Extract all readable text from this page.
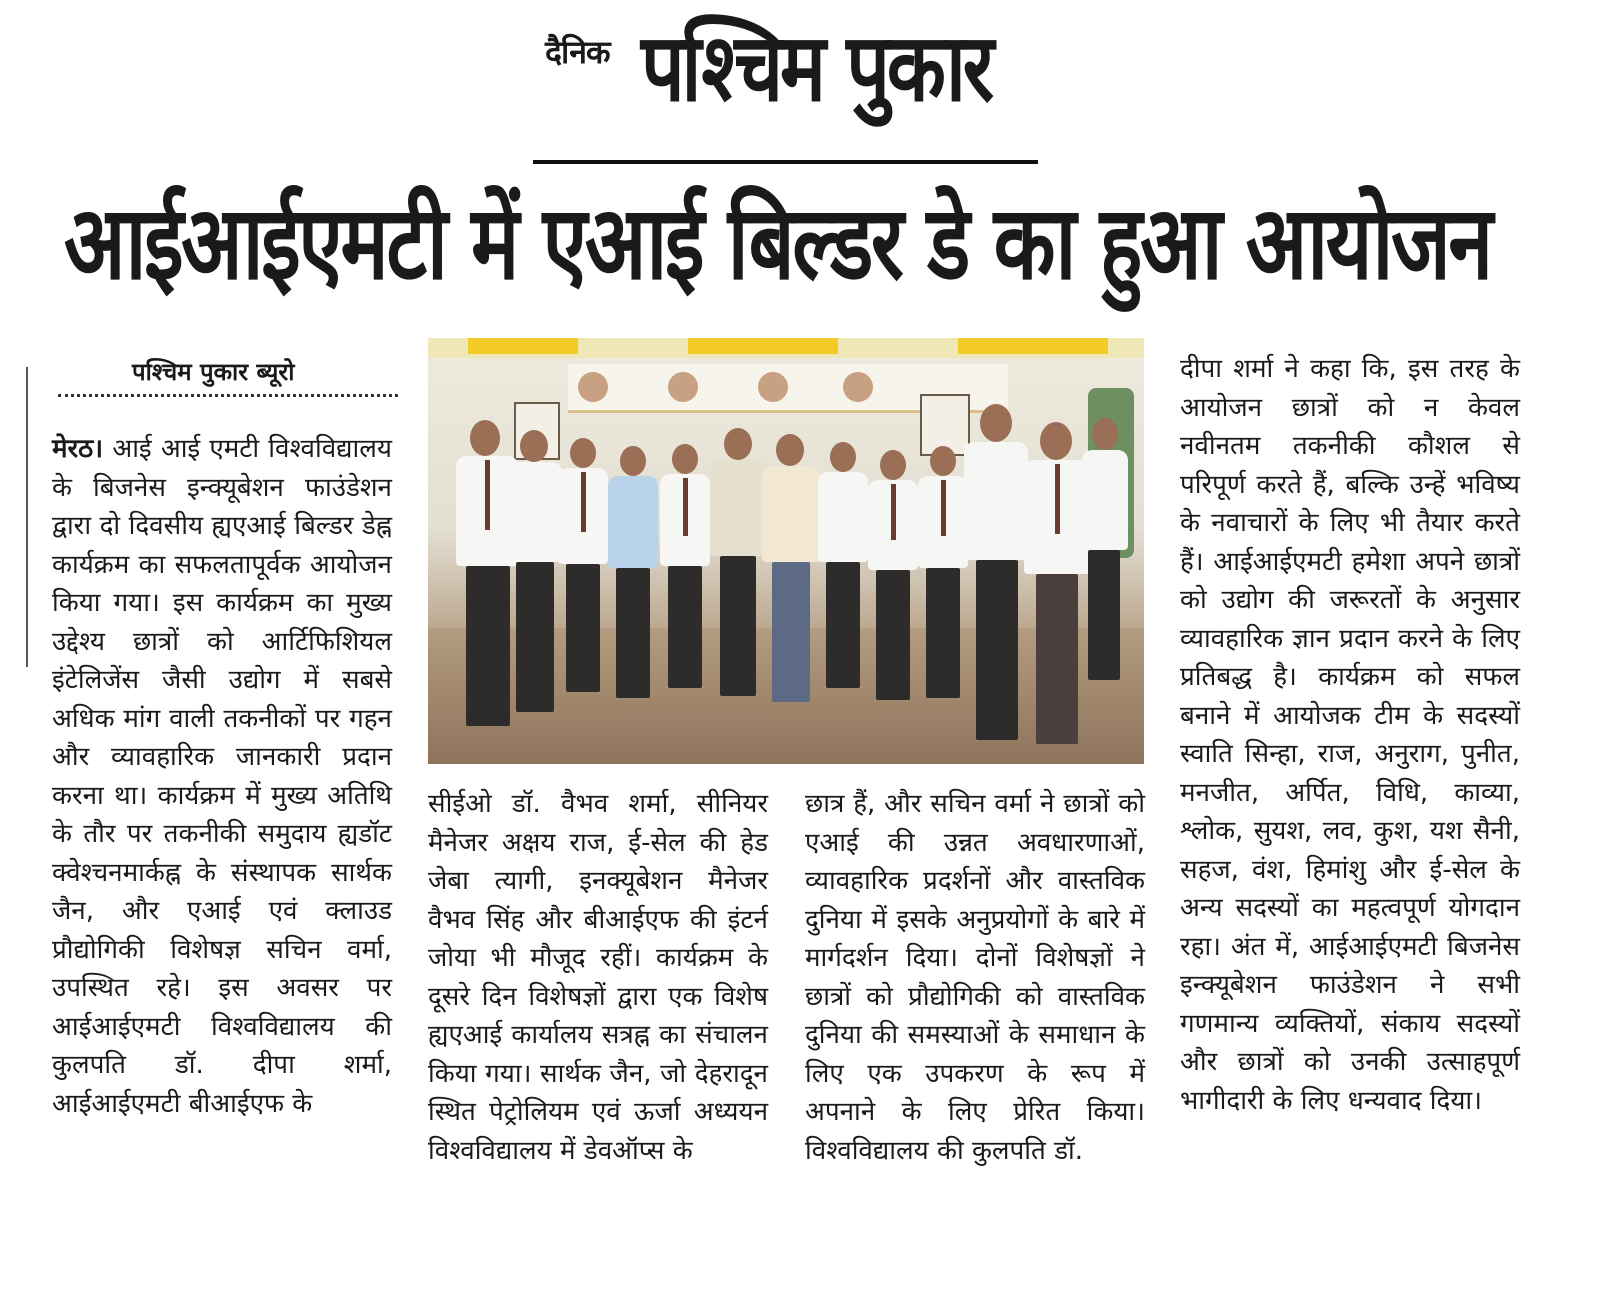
दैनिक पश्चिम पुकार
आईआईएमटी में एआई बिल्डर डे का हुआ आयोजन
पश्चिम पुकार ब्यूरो

मेरठ। आई आई एमटी विश्वविद्यालय के बिजनेस इन्क्यूबेशन फाउंडेशन द्वारा दो दिवसीय ह्यएआई बिल्डर डेह्न कार्यक्रम का सफलतापूर्वक आयोजन किया गया। इस कार्यक्रम का मुख्य उद्देश्य छात्रों को आर्टिफिशियल इंटेलिजेंस जैसी उद्योग में सबसे अधिक मांग वाली तकनीकों पर गहन और व्यावहारिक जानकारी प्रदान करना था। कार्यक्रम में मुख्य अतिथि के तौर पर तकनीकी समुदाय ह्यडॉट क्वेश्चनमार्कह्न के संस्थापक सार्थक जैन, और एआई एवं क्लाउड प्रौद्योगिकी विशेषज्ञ सचिन वर्मा, उपस्थित रहे। इस अवसर पर आईआईएमटी विश्वविद्यालय की कुलपति डॉ. दीपा शर्मा, आईआईएमटी बीआईएफ के

सीईओ डॉ. वैभव शर्मा, सीनियर मैनेजर अक्षय राज, ई-सेल की हेड जेबा त्यागी, इनक्यूबेशन मैनेजर वैभव सिंह और बीआईएफ की इंटर्न जोया भी मौजूद रहीं। कार्यक्रम के दूसरे दिन विशेषज्ञों द्वारा एक विशेष ह्यएआई कार्यालय सत्रह्न का संचालन किया गया। सार्थक जैन, जो देहरादून स्थित पेट्रोलियम एवं ऊर्जा अध्ययन विश्वविद्यालय में डेवऑप्स के

छात्र हैं, और सचिन वर्मा ने छात्रों को एआई की उन्नत अवधारणाओं, व्यावहारिक प्रदर्शनों और वास्तविक दुनिया में इसके अनुप्रयोगों के बारे में मार्गदर्शन दिया। दोनों विशेषज्ञों ने छात्रों को प्रौद्योगिकी को वास्तविक दुनिया की समस्याओं के समाधान के लिए एक उपकरण के रूप में अपनाने के लिए प्रेरित किया। विश्वविद्यालय की कुलपति डॉ.

दीपा शर्मा ने कहा कि, इस तरह के आयोजन छात्रों को न केवल नवीनतम तकनीकी कौशल से परिपूर्ण करते हैं, बल्कि उन्हें भविष्य के नवाचारों के लिए भी तैयार करते हैं। आईआईएमटी हमेशा अपने छात्रों को उद्योग की जरूरतों के अनुसार व्यावहारिक ज्ञान प्रदान करने के लिए प्रतिबद्ध है। कार्यक्रम को सफल बनाने में आयोजक टीम के सदस्यों स्वाति सिन्हा, राज, अनुराग, पुनीत, मनजीत, अर्पित, विधि, काव्या, श्लोक, सुयश, लव, कुश, यश सैनी, सहज, वंश, हिमांशु और ई-सेल के अन्य सदस्यों का महत्वपूर्ण योगदान रहा। अंत में, आईआईएमटी बिजनेस इन्क्यूबेशन फाउंडेशन ने सभी गणमान्य व्यक्तियों, संकाय सदस्यों और छात्रों को उनकी उत्साहपूर्ण भागीदारी के लिए धन्यवाद दिया।
